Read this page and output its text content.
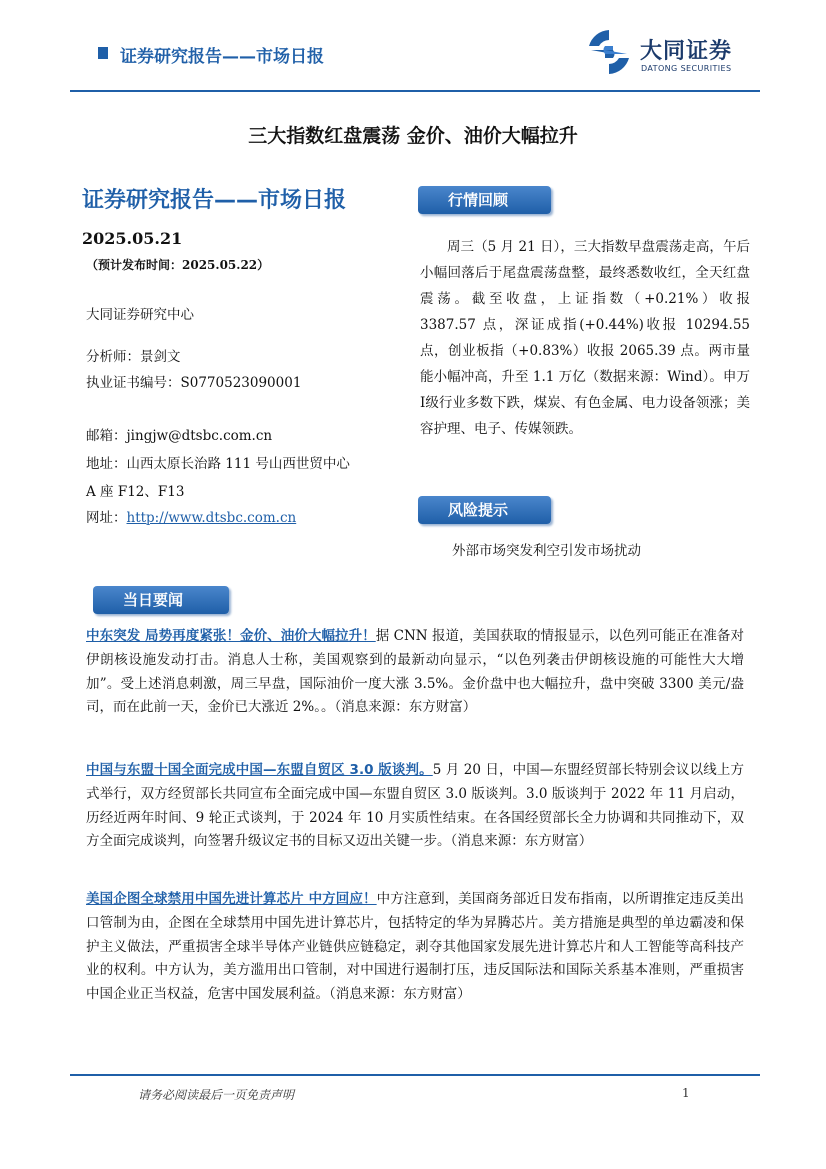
证券研究报告——市场日报	大同证券
DATONG SECURITIES
三大指数红盘震荡 金价、油价大幅拉升
证券研究报告——市场日报
2025.05.21
（预计发布时间：2025.05.22）
大同证券研究中心
分析师：景剑文
执业证书编号：S0770523090001
邮箱：jingjw@dtsbc.com.cn
地址：山西太原长治路 111 号山西世贸中心
A 座 F12、F13
网址：http://www.dtsbc.com.cn
行情回顾
周三（5 月 21 日），三大指数早盘震荡走高，午后小幅回落后于尾盘震荡盘整，最终悉数收红，全天红盘震荡。截至收盘，上证指数（+0.21%）收报 3387.57 点，深证成指(+0.44%)收报 10294.55 点，创业板指（+0.83%）收报 2065.39 点。两市量能小幅冲高，升至 1.1 万亿（数据来源：Wind）。申万Ⅰ级行业多数下跌，煤炭、有色金属、电力设备领涨；美容护理、电子、传媒领跌。
风险提示
外部市场突发利空引发市场扰动
当日要闻
中东突发 局势再度紧张！金价、油价大幅拉升！据 CNN 报道，美国获取的情报显示，以色列可能正在准备对伊朗核设施发动打击。消息人士称，美国观察到的最新动向显示，“以色列袭击伊朗核设施的可能性大大增加”。受上述消息刺激，周三早盘，国际油价一度大涨 3.5%。金价盘中也大幅拉升，盘中突破 3300 美元/盎司，而在此前一天，金价已大涨近 2%。。（消息来源：东方财富）
中国与东盟十国全面完成中国—东盟自贸区 3.0 版谈判。5 月 20 日，中国—东盟经贸部长特别会议以线上方式举行，双方经贸部长共同宣布全面完成中国—东盟自贸区 3.0 版谈判。3.0 版谈判于 2022 年 11 月启动，历经近两年时间、9 轮正式谈判，于 2024 年 10 月实质性结束。在各国经贸部长全力协调和共同推动下，双方全面完成谈判，向签署升级议定书的目标又迈出关键一步。（消息来源：东方财富）
美国企图全球禁用中国先进计算芯片 中方回应！中方注意到，美国商务部近日发布指南，以所谓推定违反美出口管制为由，企图在全球禁用中国先进计算芯片，包括特定的华为昇腾芯片。美方措施是典型的单边霸凌和保护主义做法，严重损害全球半导体产业链供应链稳定，剥夺其他国家发展先进计算芯片和人工智能等高科技产业的权利。中方认为，美方滥用出口管制，对中国进行遏制打压，违反国际法和国际关系基本准则，严重损害中国企业正当权益，危害中国发展利益。（消息来源：东方财富）
请务必阅读最后一页免责声明	1
